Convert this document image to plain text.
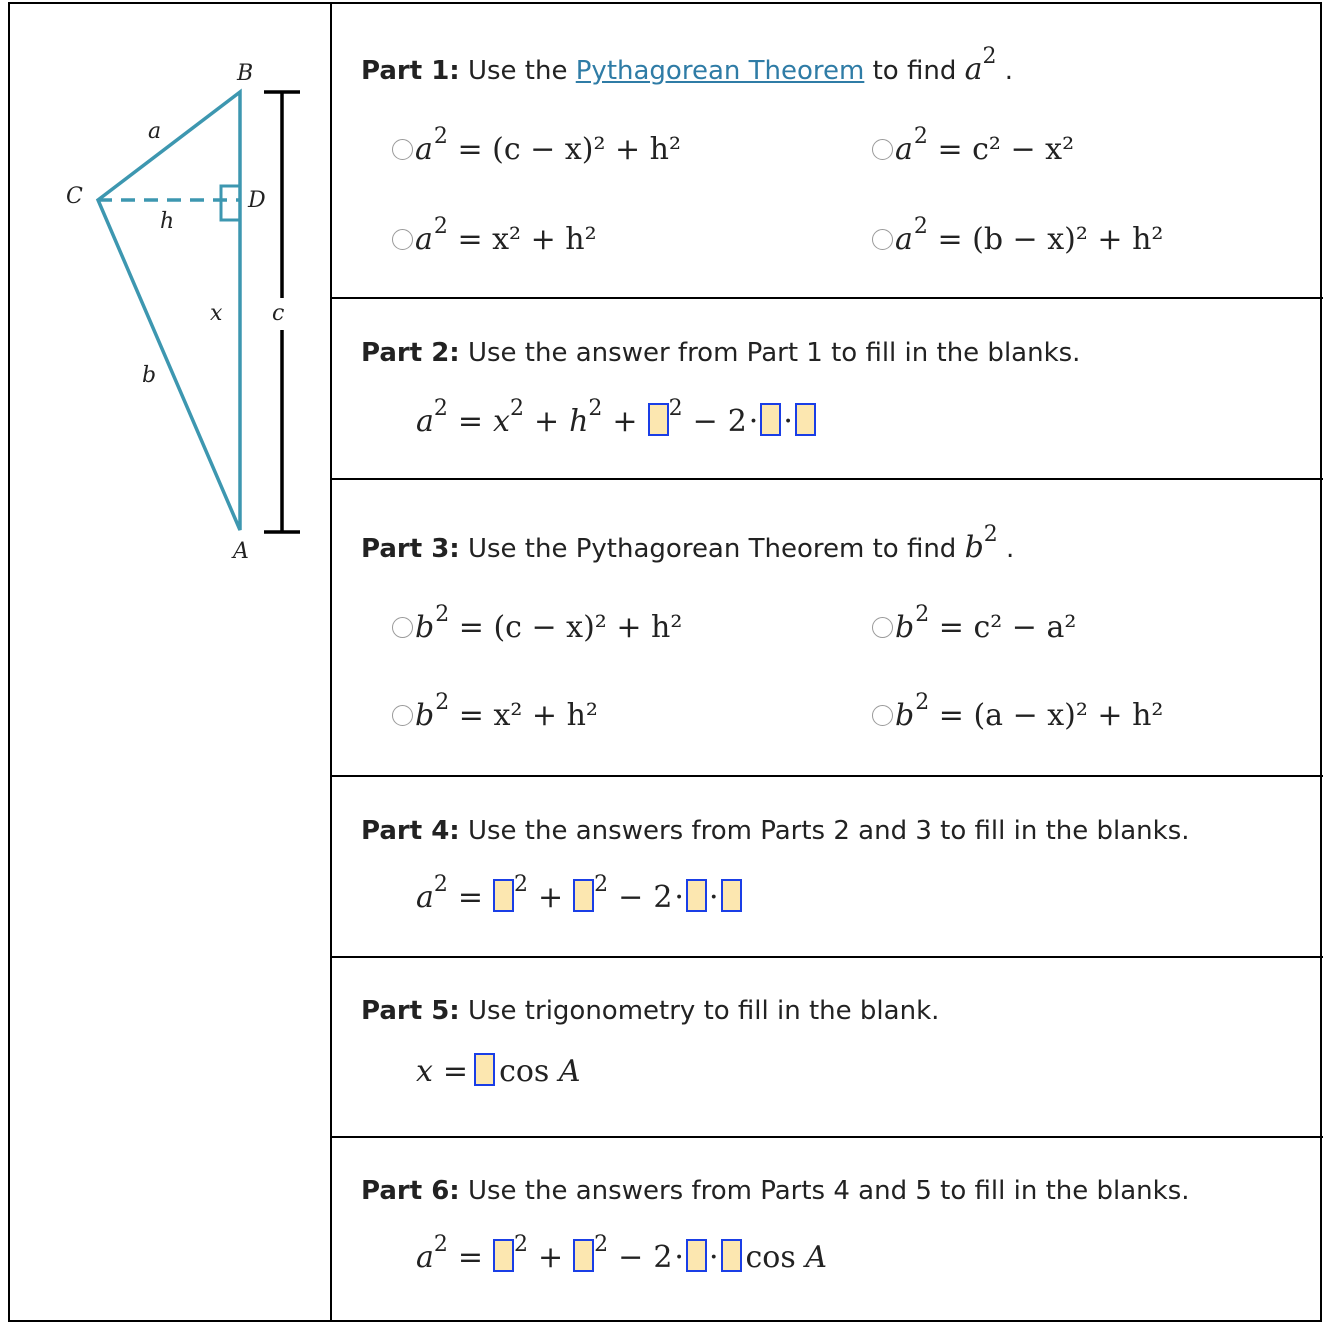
B
C	D
A
a
h
x c
b
Part 1: Use the Pythagorean Theorem to find $a^2$ .
$a^2 = (c - x)^2 + h^2$	$a^2 = c^2 - x^2$
$a^2 = x^2 + h^2$	$a^2 = (b - x)^2 + h^2$
Part 2: Use the answer from Part 1 to fill in the blanks.
$a^2 = x^2 + h^2 + ^2 - 2\cdot$ ·
Part 3: Use the Pythagorean Theorem to find $b^2$ .
$b^2 = (c - x)^2 + h^2$	$b^2 = c^2 - a^2$
$b^2 = x^2 + h^2$	$b^2 = (a - x)^2 + h^2$
Part 4: Use the answers from Parts 2 and 3 to fill in the blanks.
$a^2 = ^2 + ^2 - 2\cdot$ ·
Part 5: Use trigonometry to fill in the blank.
x = cos A
Part 6: Use the answers from Parts 4 and 5 to fill in the blanks.
$a^2 = ^2 + ^2 - 2\cdot \cdot \cos A$
